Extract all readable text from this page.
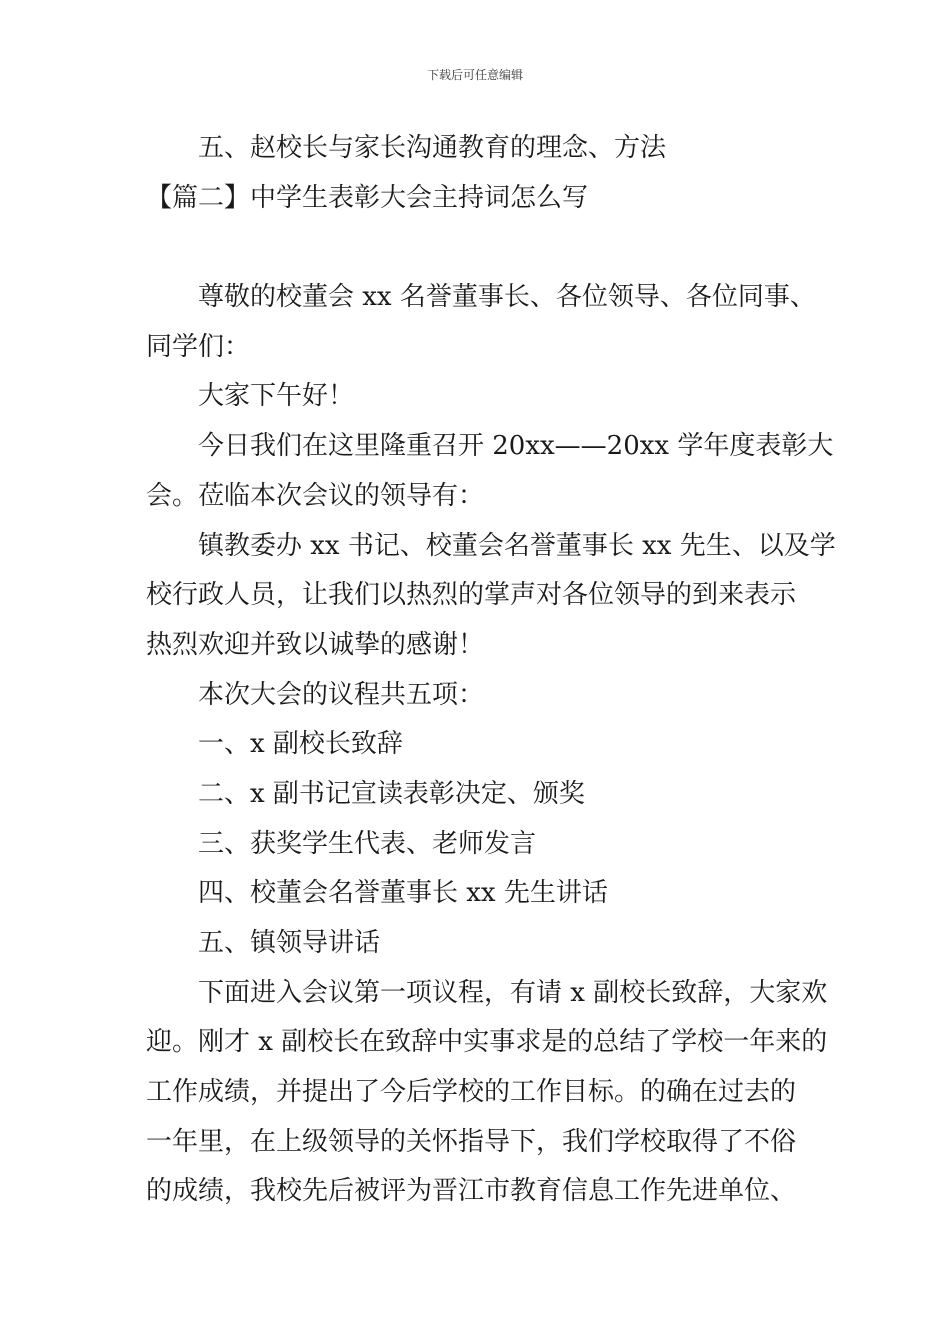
下载后可任意编辑
五、赵校长与家长沟通教育的理念、方法
【篇二】中学生表彰大会主持词怎么写
尊敬的校董会 xx 名誉董事长、各位领导、各位同事、
同学们：
大家下午好！
今日我们在这里隆重召开 20xx——20xx 学年度表彰大
会。莅临本次会议的领导有：
镇教委办 xx 书记、校董会名誉董事长 xx 先生、以及学
校行政人员，让我们以热烈的掌声对各位领导的到来表示
热烈欢迎并致以诚挚的感谢！
本次大会的议程共五项：
一、x 副校长致辞
二、x 副书记宣读表彰决定、颁奖
三、获奖学生代表、老师发言
四、校董会名誉董事长 xx 先生讲话
五、镇领导讲话
下面进入会议第一项议程，有请 x 副校长致辞，大家欢
迎。刚才 x 副校长在致辞中实事求是的总结了学校一年来的
工作成绩，并提出了今后学校的工作目标。的确在过去的
一年里，在上级领导的关怀指导下，我们学校取得了不俗
的成绩，我校先后被评为晋江市教育信息工作先进单位、
